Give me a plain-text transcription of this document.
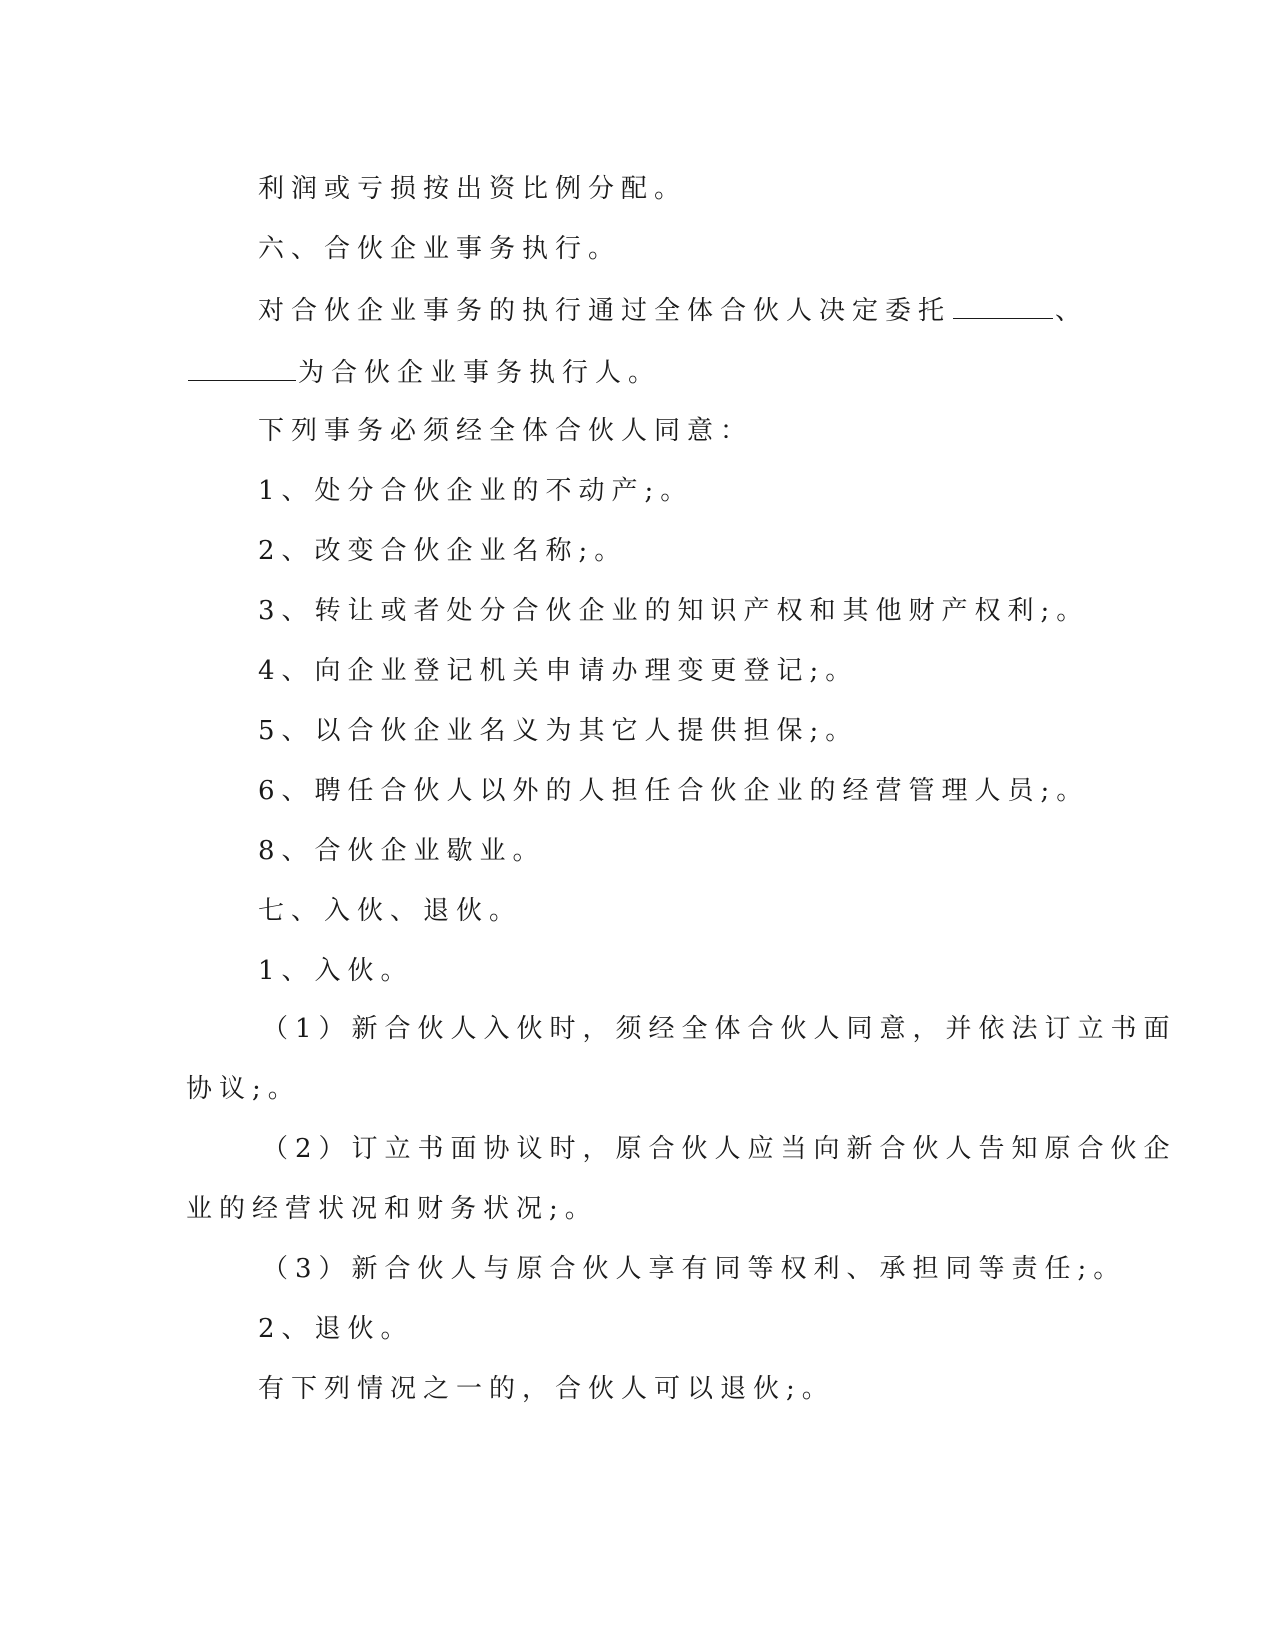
利润或亏损按出资比例分配。
六、合伙企业事务执行。
对合伙企业事务的执行通过全体合伙人决定委托	、
为合伙企业事务执行人。
下列事务必须经全体合伙人同意：
1、处分合伙企业的不动产;。
2、改变合伙企业名称;。
3、转让或者处分合伙企业的知识产权和其他财产权利;。
4、向企业登记机关申请办理变更登记;。
5、以合伙企业名义为其它人提供担保;。
6、聘任合伙人以外的人担任合伙企业的经营管理人员;。
8、合伙企业歇业。
七、入伙、退伙。
1、入伙。
（1）新合伙人入伙时，须经全体合伙人同意，并依法订立书面
协议;。
（2）订立书面协议时，原合伙人应当向新合伙人告知原合伙企
业的经营状况和财务状况;。
（3）新合伙人与原合伙人享有同等权利、承担同等责任;。
2、退伙。
有下列情况之一的，合伙人可以退伙;。
